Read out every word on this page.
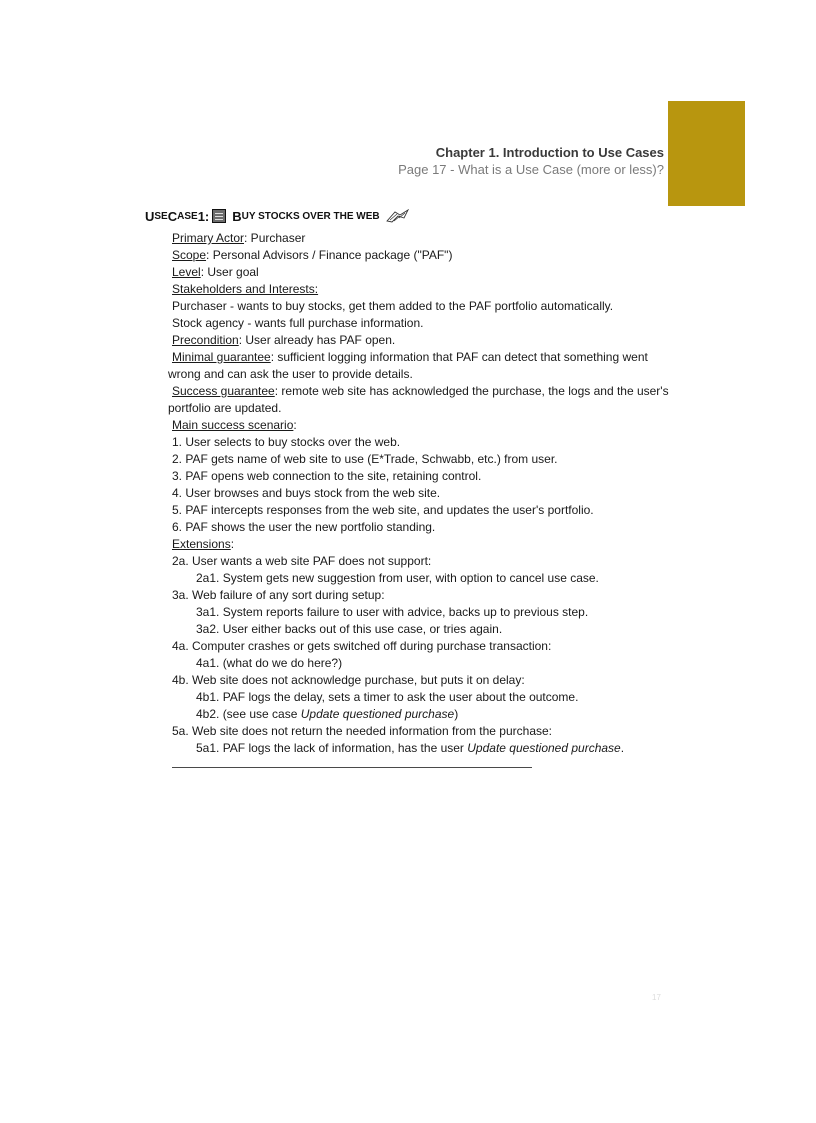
Chapter 1. Introduction to Use Cases
Page 17 - What is a Use Case (more or less)?
U SE C ASE 1: B UY STOCKS OVER THE WEB
Primary Actor: Purchaser
Scope: Personal Advisors / Finance package ("PAF")
Level: User goal
Stakeholders and Interests:
Purchaser - wants to buy stocks, get them added to the PAF portfolio automatically.
Stock agency - wants full purchase information.
Precondition: User already has PAF open.
Minimal guarantee: sufficient logging information that PAF can detect that something went
wrong and can ask the user to provide details.
Success guarantee: remote web site has acknowledged the purchase, the logs and the user's
portfolio are updated.
Main success scenario:
1. User selects to buy stocks over the web.
2. PAF gets name of web site to use (E*Trade, Schwabb, etc.) from user.
3. PAF opens web connection to the site, retaining control.
4. User browses and buys stock from the web site.
5. PAF intercepts responses from the web site, and updates the user's portfolio.
6. PAF shows the user the new portfolio standing.
Extensions:
2a. User wants a web site PAF does not support:
2a1. System gets new suggestion from user, with option to cancel use case.
3a. Web failure of any sort during setup:
3a1. System reports failure to user with advice, backs up to previous step.
3a2. User either backs out of this use case, or tries again.
4a. Computer crashes or gets switched off during purchase transaction:
4a1. (what do we do here?)
4b. Web site does not acknowledge purchase, but puts it on delay:
4b1. PAF logs the delay, sets a timer to ask the user about the outcome.
4b2. (see use case Update questioned purchase)
5a. Web site does not return the needed information from the purchase:
5a1. PAF logs the lack of information, has the user Update questioned purchase.
17
